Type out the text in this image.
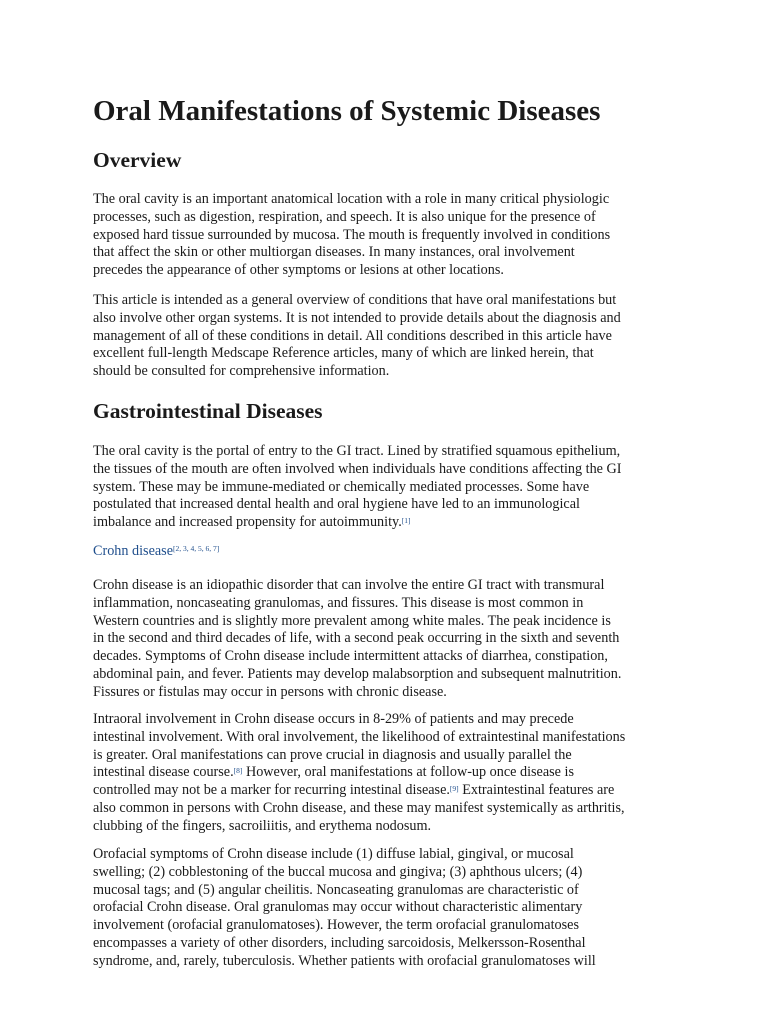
Oral Manifestations of Systemic Diseases
Overview

The oral cavity is an important anatomical location with a role in many critical physiologic
processes, such as digestion, respiration, and speech. It is also unique for the presence of
exposed hard tissue surrounded by mucosa. The mouth is frequently involved in conditions
that affect the skin or other multiorgan diseases. In many instances, oral involvement
precedes the appearance of other symptoms or lesions at other locations.

This article is intended as a general overview of conditions that have oral manifestations but
also involve other organ systems. It is not intended to provide details about the diagnosis and
management of all of these conditions in detail. All conditions described in this article have
excellent full-length Medscape Reference articles, many of which are linked herein, that
should be consulted for comprehensive information.

Gastrointestinal Diseases

The oral cavity is the portal of entry to the GI tract. Lined by stratified squamous epithelium,
the tissues of the mouth are often involved when individuals have conditions affecting the GI
system. These may be immune-mediated or chemically mediated processes. Some have
postulated that increased dental health and oral hygiene have led to an immunological
imbalance and increased propensity for autoimmunity.[1]

Crohn disease[2, 3, 4, 5, 6, 7]

Crohn disease is an idiopathic disorder that can involve the entire GI tract with transmural
inflammation, noncaseating granulomas, and fissures. This disease is most common in
Western countries and is slightly more prevalent among white males. The peak incidence is
in the second and third decades of life, with a second peak occurring in the sixth and seventh
decades. Symptoms of Crohn disease include intermittent attacks of diarrhea, constipation,
abdominal pain, and fever. Patients may develop malabsorption and subsequent malnutrition.
Fissures or fistulas may occur in persons with chronic disease.

Intraoral involvement in Crohn disease occurs in 8-29% of patients and may precede
intestinal involvement. With oral involvement, the likelihood of extraintestinal manifestations
is greater. Oral manifestations can prove crucial in diagnosis and usually parallel the
intestinal disease course.[8] However, oral manifestations at follow-up once disease is
controlled may not be a marker for recurring intestinal disease.[9] Extraintestinal features are
also common in persons with Crohn disease, and these may manifest systemically as arthritis,
clubbing of the fingers, sacroiliitis, and erythema nodosum.

Orofacial symptoms of Crohn disease include (1) diffuse labial, gingival, or mucosal
swelling; (2) cobblestoning of the buccal mucosa and gingiva; (3) aphthous ulcers; (4)
mucosal tags; and (5) angular cheilitis. Noncaseating granulomas are characteristic of
orofacial Crohn disease. Oral granulomas may occur without characteristic alimentary
involvement (orofacial granulomatoses). However, the term orofacial granulomatoses
encompasses a variety of other disorders, including sarcoidosis, Melkersson-Rosenthal
syndrome, and, rarely, tuberculosis. Whether patients with orofacial granulomatoses will
